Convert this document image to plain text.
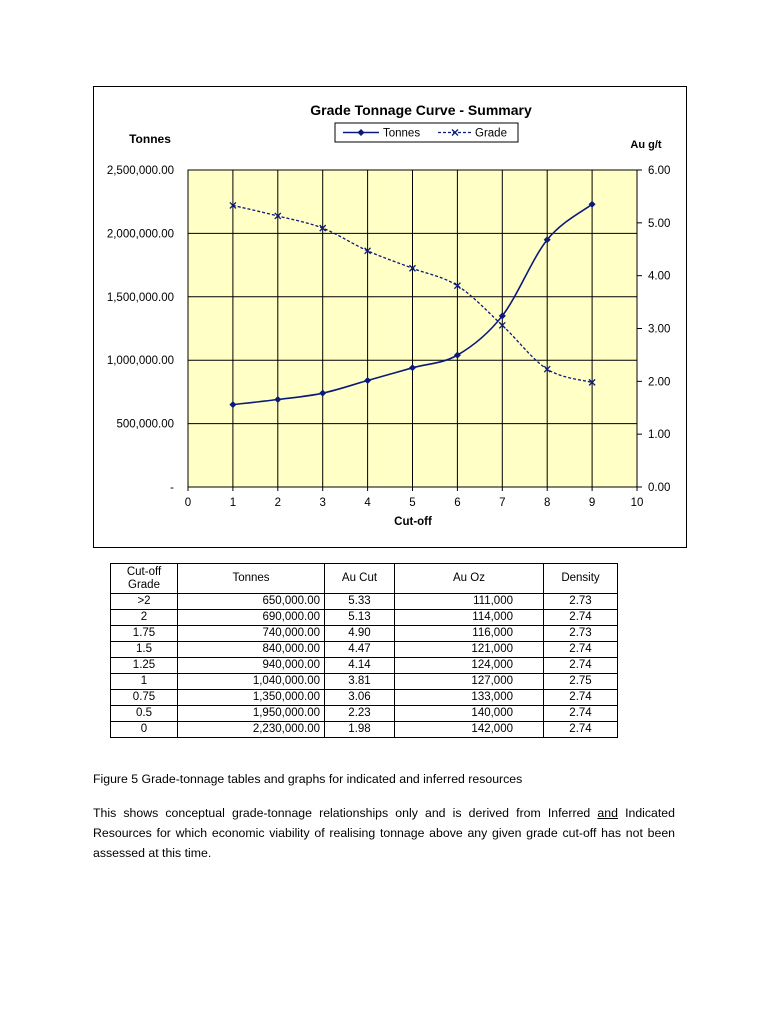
0	1	2	3	4	5	6	7	8	9	10
-
500,000.00
1,000,000.00
1,500,000.00
2,000,000.00
2,500,000.00
0.00
1.00
2.00
3.00
4.00
5.00
6.00
Grade Tonnage Curve - Summary
Tonnes	Au g/t
Cut-off
Tonnes	Grade
Cut-off
Grade	Tonnes	Au Cut	Au Oz	Density
>2	650,000.00	5.33	111,000	2.73
2	690,000.00	5.13	114,000	2.74
1.75	740,000.00	4.90	116,000	2.73
1.5	840,000.00	4.47	121,000	2.74
1.25	940,000.00	4.14	124,000	2.74
1	1,040,000.00	3.81	127,000	2.75
0.75	1,350,000.00	3.06	133,000	2.74
0.5	1,950,000.00	2.23	140,000	2.74
0	2,230,000.00	1.98	142,000	2.74
Figure 5 Grade-tonnage tables and graphs for indicated and inferred resources
This shows conceptual grade-tonnage relationships only and is derived from Inferred and Indicated Resources for which economic viability of realising tonnage above any given grade cut-off has not been assessed at this time.
